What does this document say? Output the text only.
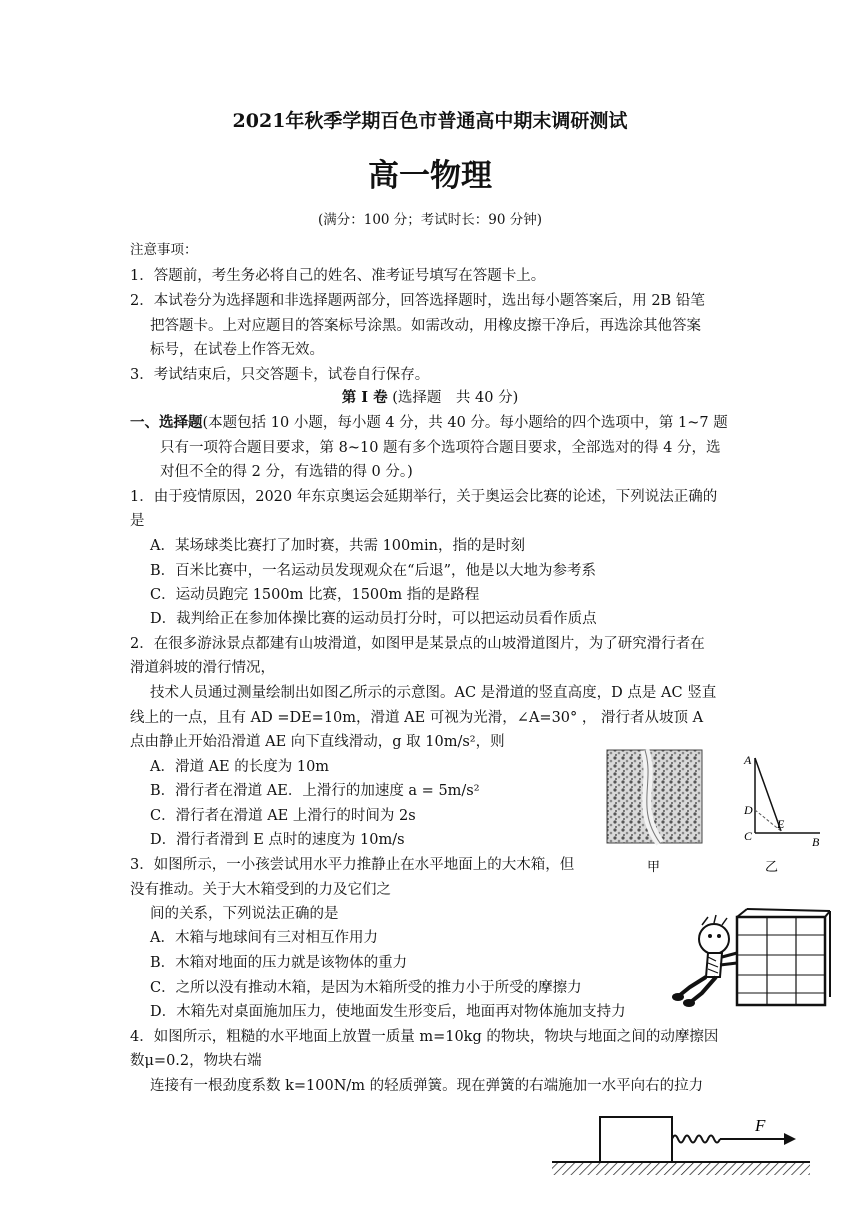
2021年秋季学期百色市普通高中期末调研测试
高一物理
(满分：100 分；考试时长：90 分钟)
注意事项：
1．答题前，考生务必将自己的姓名、准考证号填写在答题卡上。
2．本试卷分为选择题和非选择题两部分，回答选择题时，选出每小题答案后，用 2B 铅笔
把答题卡。上对应题目的答案标号涂黑。如需改动，用橡皮擦干净后，再选涂其他答案
标号，在试卷上作答无效。
3．考试结束后，只交答题卡，试卷自行保存。
第 I 卷 (选择题　共 40 分)
一、选择题(本题包括 10 小题，每小题 4 分，共 40 分。每小题给的四个选项中，第 1~7 题
只有一项符合题目要求，第 8~10 题有多个选项符合题目要求，全部选对的得 4 分，选
对但不全的得 2 分，有选错的得 0 分。)
1．由于疫情原因，2020 年东京奥运会延期举行，关于奥运会比赛的论述，下列说法正确的
是
A．某场球类比赛打了加时赛，共需 100min，指的是时刻
B．百米比赛中，一名运动员发现观众在“后退”，他是以大地为参考系
C．运动员跑完 1500m 比赛，1500m 指的是路程
D．裁判给正在参加体操比赛的运动员打分时，可以把运动员看作质点
2．在很多游泳景点都建有山坡滑道，如图甲是某景点的山坡滑道图片，为了研究滑行者在
滑道斜坡的滑行情况，
技术人员通过测量绘制出如图乙所示的示意图。AC 是滑道的竖直高度，D 点是 AC 竖直
线上的一点，且有 AD =DE=10m，滑道 AE 可视为光滑，∠A=30° ， 滑行者从坡顶 A
点由静止开始沿滑道 AE 向下直线滑动，g 取 10m/s²，则
A．滑道 AE 的长度为 10m
B．滑行者在滑道 AE．上滑行的加速度 a = 5m/s²
C．滑行者在滑道 AE 上滑行的时间为 2s
D．滑行者滑到 E 点时的速度为 10m/s
A
D
C
E
B
甲	乙
3．如图所示，一小孩尝试用水平力推静止在水平地面上的大木箱，但
没有推动。关于大木箱受到的力及它们之
间的关系，下列说法正确的是
A．木箱与地球间有三对相互作用力
B．木箱对地面的压力就是该物体的重力
C．之所以没有推动木箱，是因为木箱所受的推力小于所受的摩擦力
D．木箱先对桌面施加压力，使地面发生形变后，地面再对物体施加支持力
4．如图所示，粗糙的水平地面上放置一质量 m=10kg 的物块，物块与地面之间的动摩擦因
数μ=0.2，物块右端
连接有一根劲度系数 k=100N/m 的轻质弹簧。现在弹簧的右端施加一水平向右的拉力
F
